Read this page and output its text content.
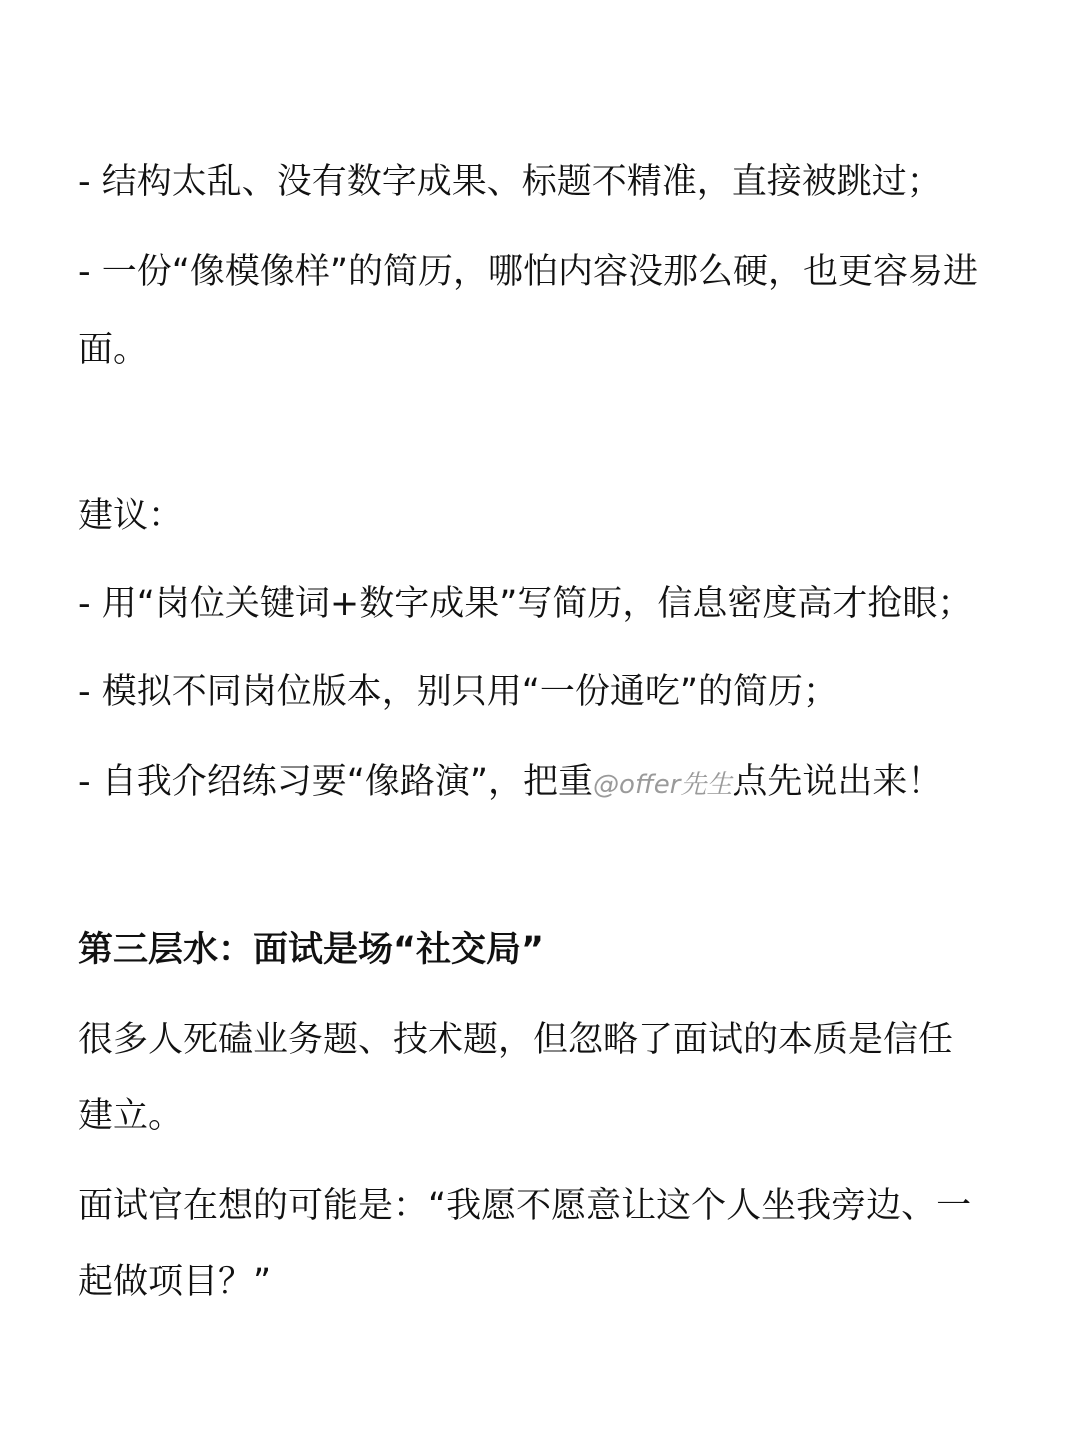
- 结构太乱、没有数字成果、标题不精准，直接被跳过；
- 一份“像模像样”的简历，哪怕内容没那么硬，也更容易进
面。
建议：
- 用“岗位关键词+数字成果”写简历，信息密度高才抢眼；
- 模拟不同岗位版本，别只用“一份通吃”的简历；
- 自我介绍练习要“像路演”，把重@offer先生点先说出来！
第三层水：面试是场“社交局”
很多人死磕业务题、技术题，但忽略了面试的本质是信任
建立。
面试官在想的可能是：“我愿不愿意让这个人坐我旁边、一
起做项目？”
